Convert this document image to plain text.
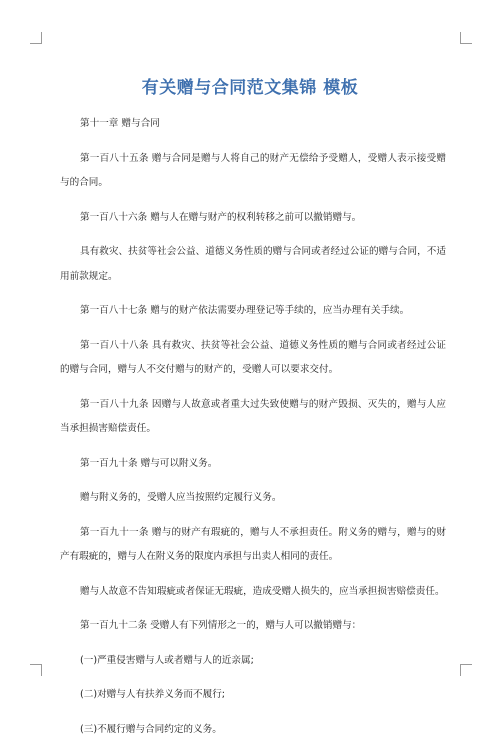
有关赠与合同范文集锦 模板

第十一章 赠与合同

第一百八十五条 赠与合同是赠与人将自己的财产无偿给予受赠人，受赠人表示接受赠与的合同。

第一百八十六条 赠与人在赠与财产的权利转移之前可以撤销赠与。

具有救灾、扶贫等社会公益、道德义务性质的赠与合同或者经过公证的赠与合同，不适用前款规定。

第一百八十七条 赠与的财产依法需要办理登记等手续的，应当办理有关手续。

第一百八十八条 具有救灾、扶贫等社会公益、道德义务性质的赠与合同或者经过公证的赠与合同，赠与人不交付赠与的财产的，受赠人可以要求交付。

第一百八十九条 因赠与人故意或者重大过失致使赠与的财产毁损、灭失的，赠与人应当承担损害赔偿责任。

第一百九十条 赠与可以附义务。

赠与附义务的，受赠人应当按照约定履行义务。

第一百九十一条 赠与的财产有瑕疵的，赠与人不承担责任。附义务的赠与，赠与的财产有瑕疵的，赠与人在附义务的限度内承担与出卖人相同的责任。

赠与人故意不告知瑕疵或者保证无瑕疵，造成受赠人损失的，应当承担损害赔偿责任。

第一百九十二条 受赠人有下列情形之一的，赠与人可以撤销赠与：

(一)严重侵害赠与人或者赠与人的近亲属;

(二)对赠与人有扶养义务而不履行;

(三)不履行赠与合同约定的义务。
